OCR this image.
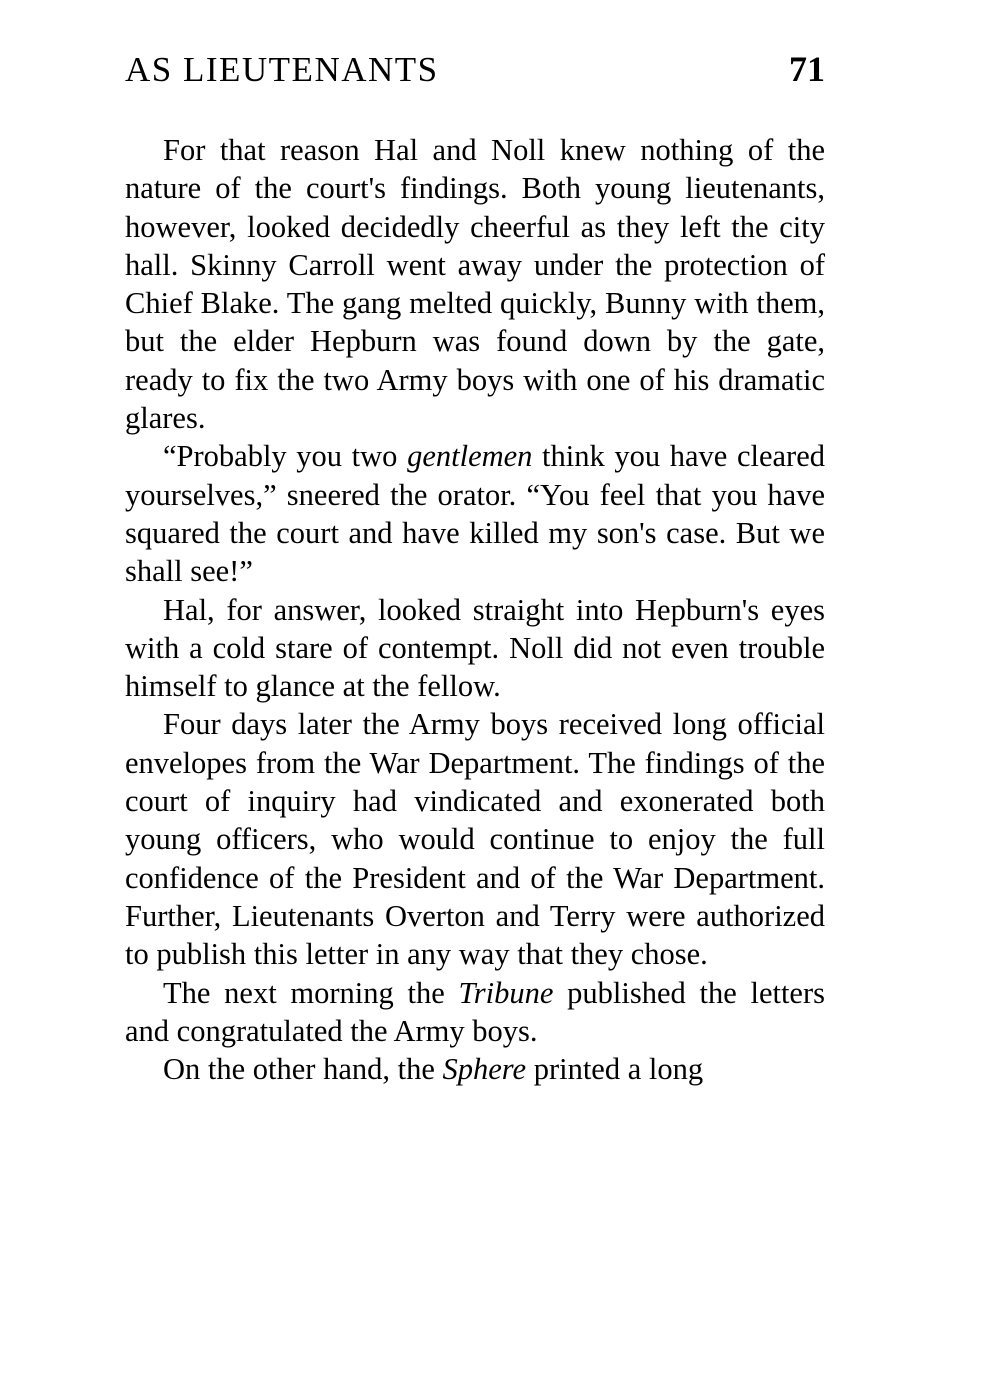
AS LIEUTENANTS	71

For that reason Hal and Noll knew nothing of the nature of the court's findings. Both young lieutenants, however, looked decidedly cheerful as they left the city hall. Skinny Carroll went away under the protection of Chief Blake. The gang melted quickly, Bunny with them, but the elder Hepburn was found down by the gate, ready to fix the two Army boys with one of his dramatic glares.

“Probably you two gentlemen think you have cleared yourselves,” sneered the orator. “You feel that you have squared the court and have killed my son's case. But we shall see!”

Hal, for answer, looked straight into Hepburn's eyes with a cold stare of contempt. Noll did not even trouble himself to glance at the fellow.

Four days later the Army boys received long official envelopes from the War Department. The findings of the court of inquiry had vindicated and exonerated both young officers, who would continue to enjoy the full confidence of the President and of the War Department. Further, Lieutenants Overton and Terry were authorized to publish this letter in any way that they chose.

The next morning the Tribune published the letters and congratulated the Army boys.

On the other hand, the Sphere printed a long
